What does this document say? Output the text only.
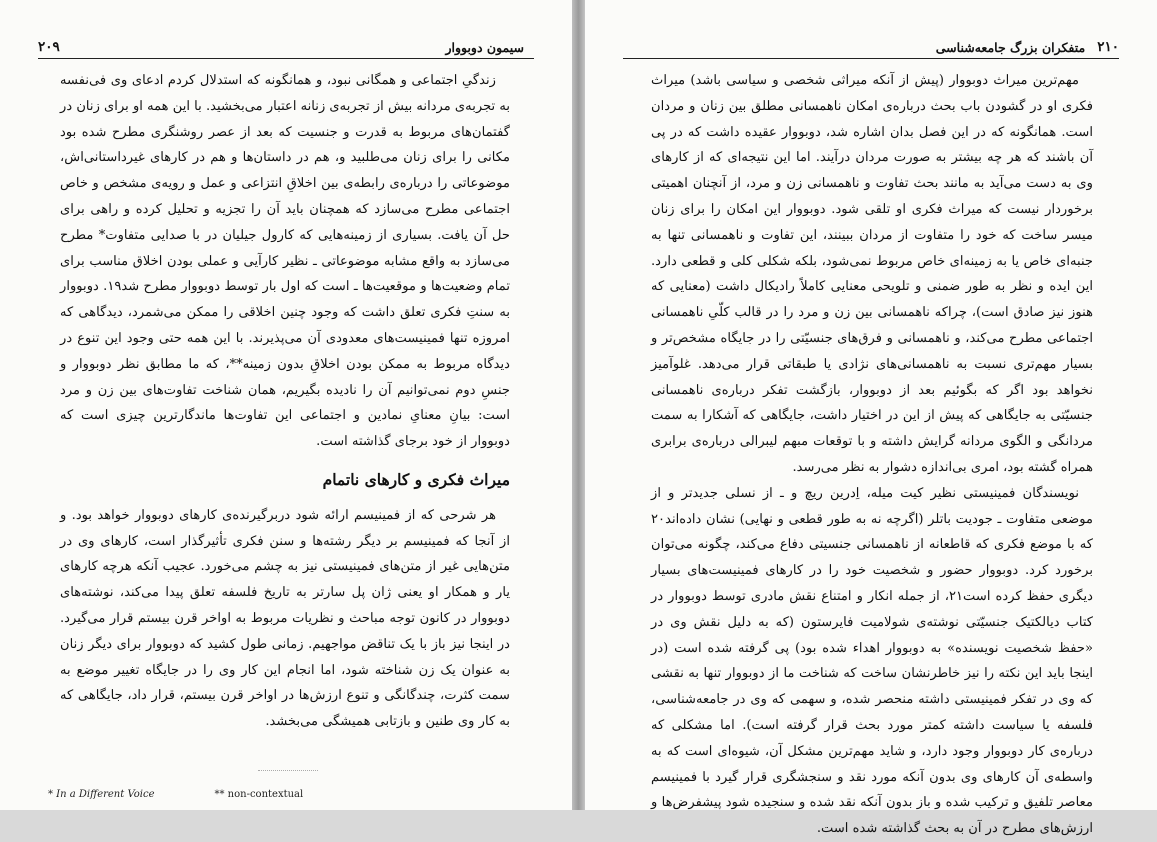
سیمون دوبووار
۲۰۹

زندگیِ اجتماعی و همگانی نبود، و همانگونه که استدلال کردم ادعای وی فی‌نفسه به تجربه‌ی مردانه بیش از تجربه‌ی زنانه اعتبار می‌بخشید. با این همه او برای زنان در گفتمان‌های مربوط به قدرت و جنسیت که بعد از عصر روشنگری مطرح شده بود مکانی را برای زنان می‌طلبید و، هم در داستان‌ها و هم در کارهای غیرداستانی‌اش، موضوعاتی را درباره‌ی رابطه‌ی بین اخلاقِ انتزاعی و عمل و رویه‌ی مشخص و خاص اجتماعی مطرح می‌سازد که همچنان باید آن را تجزیه و تحلیل کرده و راهی برای حل آن یافت. بسیاری از زمینه‌هایی که کارول جیلیان در با صدایی متفاوت* مطرح می‌سازد به واقع مشابه موضوعاتی ـ نظیر کارآیی و عملی بودن اخلاق مناسب برای تمام وضعیت‌ها و موقعیت‌ها ـ است که اول بار توسط دوبووار مطرح شد۱۹. دوبووار به سنتِ فکری تعلق داشت که وجود چنین اخلاقی را ممکن می‌شمرد، دیدگاهی که امروزه تنها فمینیست‌های معدودی آن می‌پذیرند. با این همه حتی وجود این تنوع در دیدگاه مربوط به ممکن بودن اخلاقِ بدون زمینه**، که ما مطابق نظر دوبووار و جنسِ دوم نمی‌توانیم آن را نادیده بگیریم، همان شناخت تفاوت‌های بین زن و مرد است: بیانِ معنایِ نمادین و اجتماعی این تفاوت‌ها ماندگارترین چیزی است که دوبووار از خود برجای گذاشته است.

میراث فکری و کارهای ناتمام

هر شرحی که از فمینیسم ارائه شود دربرگیرنده‌ی کارهای دوبووار خواهد بود. و از آنجا که فمینیسم بر دیگر رشته‌ها و سنن فکری تأثیرگذار است، کارهای وی در متن‌هایی غیر از متن‌های فمینیستی نیز به چشم می‌خورد. عجیب آنکه هرچه کارهای یار و همکار او یعنی ژان پل سارتر به تاریخ فلسفه تعلق پیدا می‌کند، نوشته‌های دوبووار در کانون توجه مباحث و نظریات مربوط به اواخر قرن بیستم قرار می‌گیرد. در اینجا نیز باز با یک تناقض مواجهیم. زمانی طول کشید که دوبووار برای دیگر زنان به عنوان یک زن شناخته شود، اما انجام این کار وی را در جایگاه تغییر موضع به سمت کثرت، چندگانگی و تنوع ارزش‌ها در اواخر قرن بیستم، قرار داد، جایگاهی که به کار وی طنین و بازتابی همیشگی می‌بخشد.

* In a Different Voice	** non-contextual
۲۱۰
متفکران بزرگ جامعه‌شناسی

مهم‌ترین میراث دوبووار (پیش از آنکه میراثی شخصی و سیاسی باشد) میراث فکری او در گشودن باب بحث درباره‌ی امکان ناهمسانی مطلق بین زنان و مردان است. همانگونه که در این فصل بدان اشاره شد، دوبووار عقیده داشت که در پی آن باشند که هر چه بیشتر به صورت مردان درآیند. اما این نتیجه‌ای که از کارهای وی به دست می‌آید به مانند بحث تفاوت و ناهمسانی زن و مرد، از آنچنان اهمیتی برخوردار نیست که میراث فکری او تلقی شود. دوبووار این امکان را برای زنان میسر ساخت که خود را متفاوت از مردان ببینند، این تفاوت و ناهمسانی تنها به جنبه‌ای خاص یا به زمینه‌ای خاص مربوط نمی‌شود، بلکه شکلی کلی و قطعی دارد. این ایده و نظر به طور ضمنی و تلویحی معنایی کاملاً رادیکال داشت (معنایی که هنوز نیز صادق است)، چراکه ناهمسانی بین زن و مرد را در قالب کلّیِ ناهمسانی اجتماعی مطرح می‌کند، و ناهمسانی و فرق‌های جنسیّتی را در جایگاه مشخص‌تر و بسیار مهم‌تری نسبت به ناهمسانی‌های نژادی یا طبقاتی قرار می‌دهد. غلوآمیز نخواهد بود اگر که بگوئیم بعد از دوبووار، بازگشت تفکر درباره‌ی ناهمسانی جنسیّتی به جایگاهی که پیش از این در اختیار داشت، جایگاهی که آشکارا به سمت مردانگی و الگوی مردانه گرایش داشته و با توقعات مبهم لیبرالی درباره‌ی برابری همراه گشته بود، امری بی‌اندازه دشوار به نظر می‌رسد.

نویسندگان فمینیستی نظیر کیت میله، اِدرین ریچ و ـ از نسلی جدیدتر و از موضعی متفاوت ـ جودیت باتلر (اگرچه نه به طور قطعی و نهایی) نشان داده‌اند۲۰ که با موضع فکری که قاطعانه از ناهمسانی جنسیتی دفاع می‌کند، چگونه می‌توان برخورد کرد. دوبووار حضور و شخصیت خود را در کارهای فمینیست‌های بسیار دیگری حفظ کرده است۲۱، از جمله انکار و امتناع نقش مادری توسط دوبووار در کتاب دیالکتیک جنسیّتی نوشته‌ی شولامیت فایرستون (که به دلیل نقش وی در «حفظ شخصیت نویسنده» به دوبووار اهداء شده بود) پی گرفته شده است (در اینجا باید این نکته را نیز خاطرنشان ساخت که شناخت ما از دوبووار تنها به نقشی که وی در تفکر فمینیستی داشته منحصر شده، و سهمی که وی در جامعه‌شناسی، فلسفه یا سیاست داشته کمتر مورد بحث قرار گرفته است). اما مشکلی که درباره‌ی کار دوبووار وجود دارد، و شاید مهم‌ترین مشکل آن، شیوه‌ای است که به واسطه‌ی آن کارهای وی بدون آنکه مورد نقد و سنجشگری قرار گیرد با فمینیسم معاصر تلفیق و ترکیب شده و باز بدون آنکه نقد شده و سنجیده شود پیشفرض‌ها و ارزش‌های مطرح در آن به بحث گذاشته شده است.
